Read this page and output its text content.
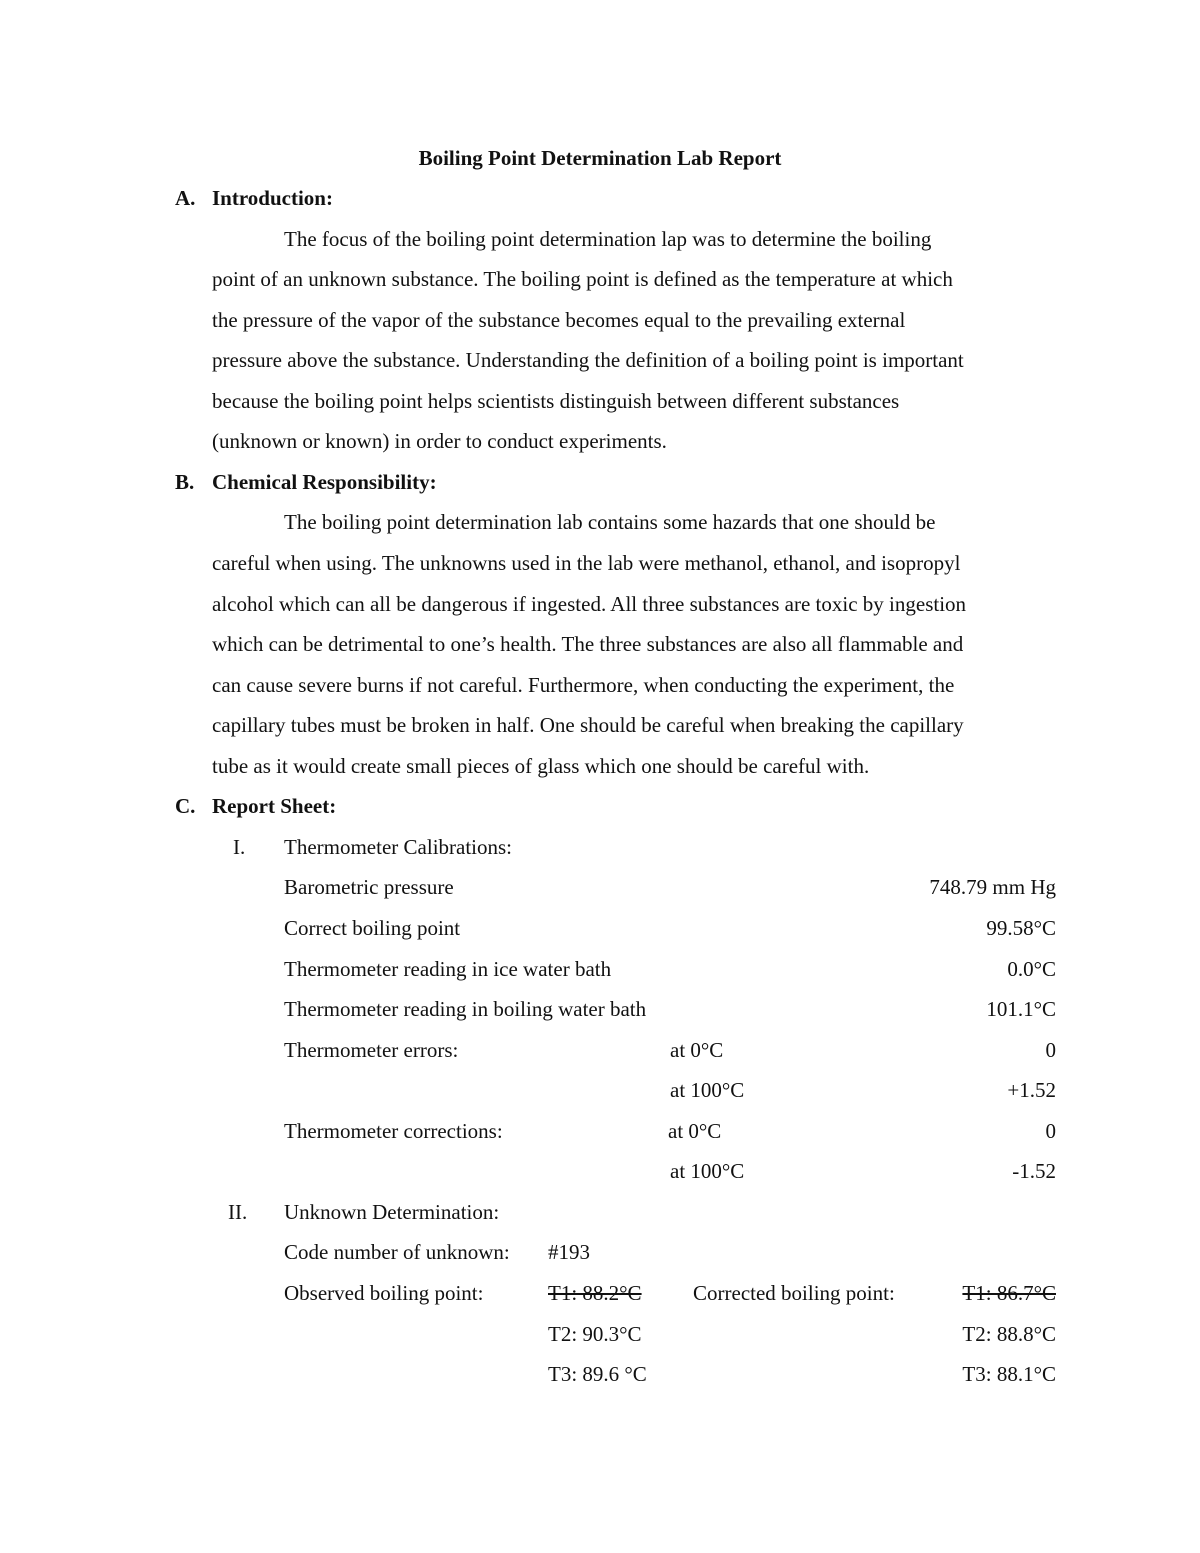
Boiling Point Determination Lab Report
A. Introduction:
The focus of the boiling point determination lap was to determine the boiling
point of an unknown substance. The boiling point is defined as the temperature at which
the pressure of the vapor of the substance becomes equal to the prevailing external
pressure above the substance. Understanding the definition of a boiling point is important
because the boiling point helps scientists distinguish between different substances
(unknown or known) in order to conduct experiments.
B. Chemical Responsibility:
The boiling point determination lab contains some hazards that one should be
careful when using. The unknowns used in the lab were methanol, ethanol, and isopropyl
alcohol which can all be dangerous if ingested. All three substances are toxic by ingestion
which can be detrimental to one’s health. The three substances are also all flammable and
can cause severe burns if not careful. Furthermore, when conducting the experiment, the
capillary tubes must be broken in half. One should be careful when breaking the capillary
tube as it would create small pieces of glass which one should be careful with.
C. Report Sheet:
I. Thermometer Calibrations:
Barometric pressure	748.79 mm Hg
Correct boiling point	99.58°C
Thermometer reading in ice water bath	0.0°C
Thermometer reading in boiling water bath	101.1°C
Thermometer errors:	at 0°C	0
at 100°C	+1.52
Thermometer corrections:	at 0°C	0
at 100°C	-1.52
II. Unknown Determination:
Code number of unknown: #193
Observed boiling point:	T1: 88.2°C Corrected boiling point:	T1: 86.7°C
T2: 90.3°C	T2: 88.8°C
T3: 89.6 °C	T3: 88.1°C
